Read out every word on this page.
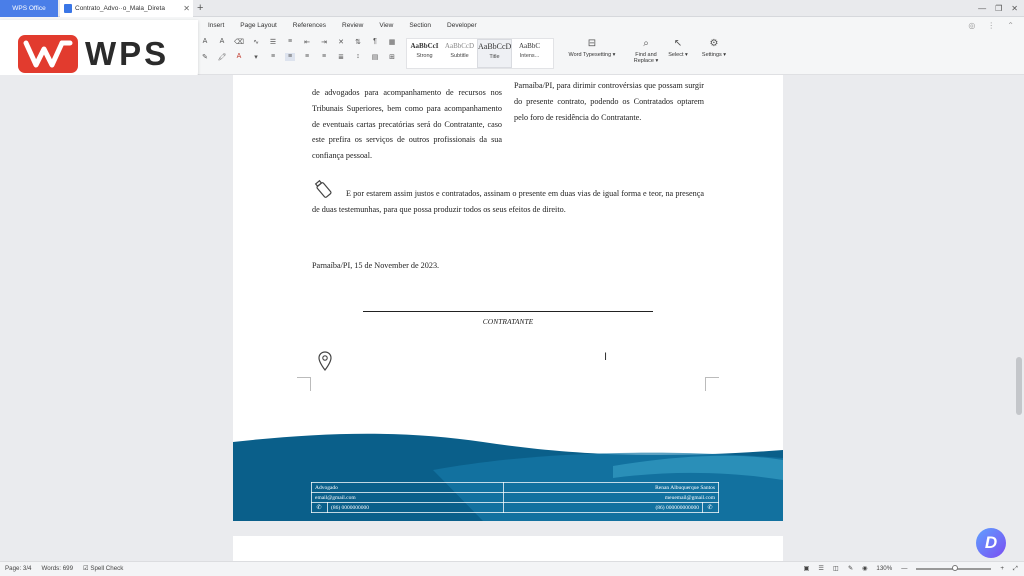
WPS Office	Contrato_Advo··o_Mala_Direta ✕ +	— ❐ ✕
Insert Page Layout References Review View Section Developer	◎ ⋮ ⌃
A	A	⌫ ∿ ☰	≡	⇤ ⇥ ✕ ⇅	¶	▦
✎ 🖍	A	▾	≡	≡	≡	≡	≣	↕	▤ ⊞
AaBbCcI
Strong
AaBbCcD
Subtitle
AaBbCcD
Title
AaBbC
Intens...
⊟
Word Typesetting ▾
⌕
Find and
Replace ▾
↖
Select ▾
⚙
Settings ▾
WPS
de advogados para acompanhamento de recursos nos Tribunais Superiores, bem como para acompanhamento de eventuais cartas precatórias será do Contratante, caso este prefira os serviços de outros profissionais da sua confiança pessoal.
Parnaíba/PI, para dirimir controvérsias que possam surgir do presente contrato, podendo os Contratados optarem pelo foro de residência do Contratante.
E por estarem assim justos e contratados, assinam o presente em duas vias de igual forma e teor, na presença de duas testemunhas, para que possa produzir todos os seus efeitos de direito.
Parnaíba/PI, 15 de November de 2023.
CONTRATANTE
I
Advogado		Renan Albuquerque Santos	
email@gmail.com		meuemail@gmail.com	
✆	(86) 0000000000	(86) 000000000000	✆
Page: 3/4 Words: 699 ☑ Spell Check	▣ ☰ ◫ ✎ ◉ 130% —	+ ⤢
D
